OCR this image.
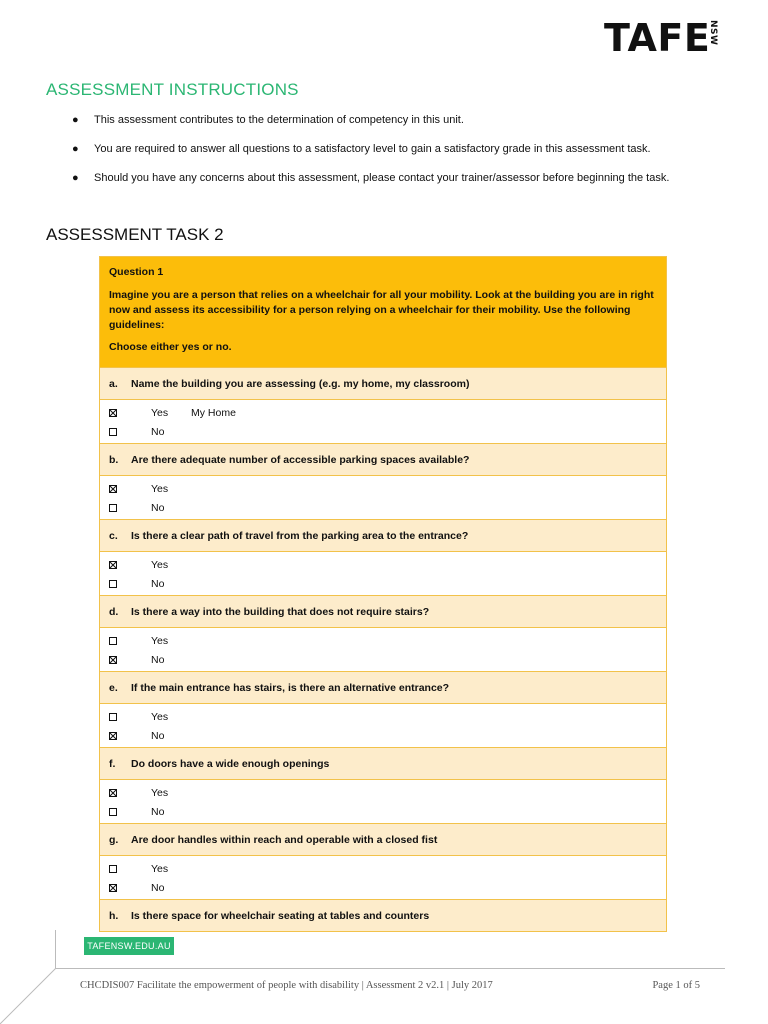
TAFE
NSW
ASSESSMENT INSTRUCTIONS
● This assessment contributes to the determination of competency in this unit.
● You are required to answer all questions to a satisfactory level to gain a satisfactory grade in this assessment task.
● Should you have any concerns about this assessment, please contact your trainer/assessor before beginning the task.
ASSESSMENT TASK 2

Question 1

Imagine you are a person that relies on a wheelchair for all your mobility. Look at the building you are in right now and assess its accessibility for a person relying on a wheelchair for their mobility. Use the following guidelines:

Choose either yes or no.

a.	Name the building you are assessing (e.g. my home, my classroom)
Yes	My Home
No
b.	Are there adequate number of accessible parking spaces available?
Yes
No
c.	Is there a clear path of travel from the parking area to the entrance?
Yes
No
d.	Is there a way into the building that does not require stairs?
Yes
No
e.	If the main entrance has stairs, is there an alternative entrance?
Yes
No
f.	Do doors have a wide enough openings
Yes
No
g.	Are door handles within reach and operable with a closed fist
Yes
No
h.	Is there space for wheelchair seating at tables and counters
TAFENSW.EDU.AU
CHCDIS007 Facilitate the empowerment of people with disability | Assessment 2 v2.1 | July 2017	Page 1 of 5
